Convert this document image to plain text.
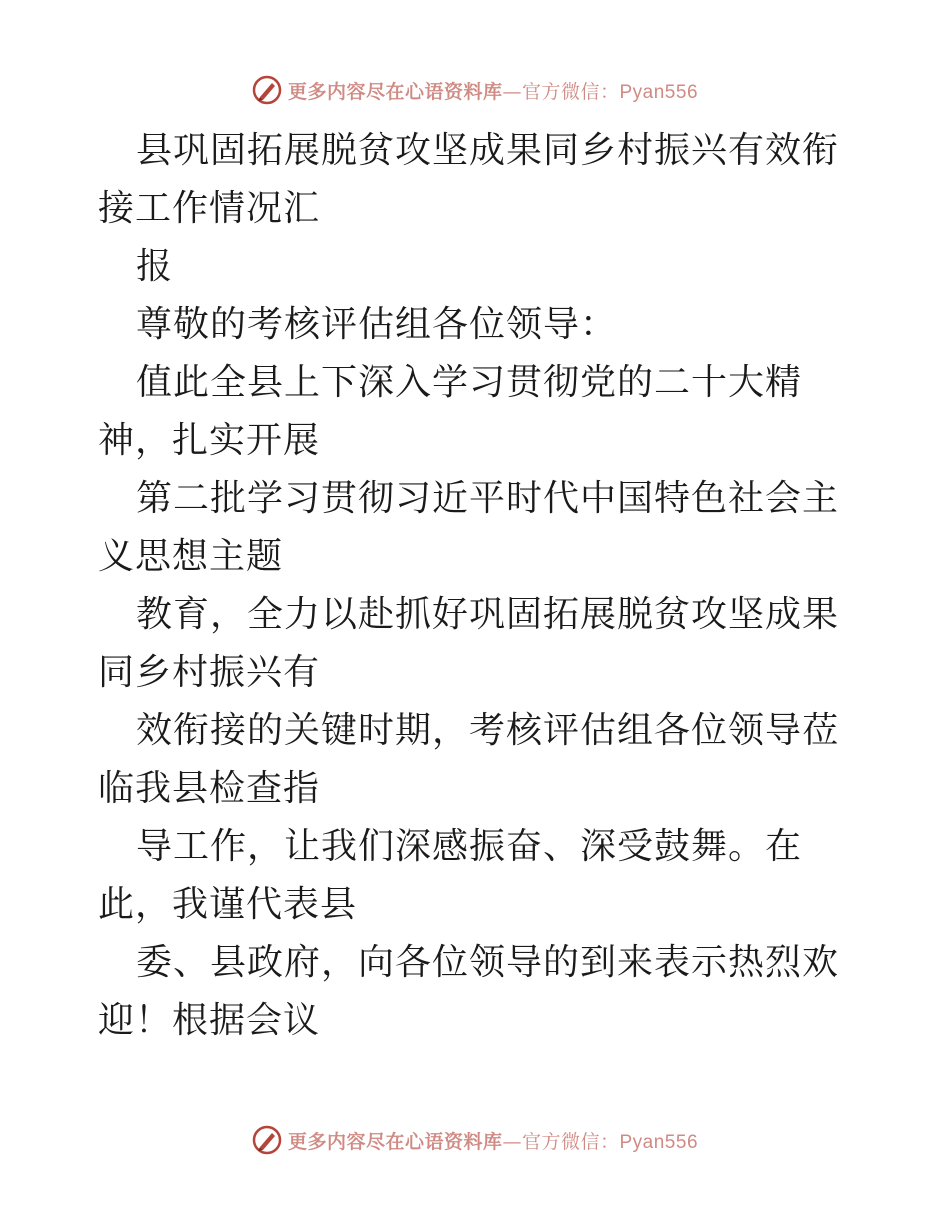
更多内容尽在心语资料库—官方微信：Pyan556

县巩固拓展脱贫攻坚成果同乡村振兴有效衔接工作情况汇

报

尊敬的考核评估组各位领导：

值此全县上下深入学习贯彻党的二十大精神，扎实开展

第二批学习贯彻习近平时代中国特色社会主义思想主题

教育，全力以赴抓好巩固拓展脱贫攻坚成果同乡村振兴有

效衔接的关键时期，考核评估组各位领导莅临我县检查指

导工作，让我们深感振奋、深受鼓舞。在此，我谨代表县

委、县政府，向各位领导的到来表示热烈欢迎！根据会议

更多内容尽在心语资料库—官方微信：Pyan556
